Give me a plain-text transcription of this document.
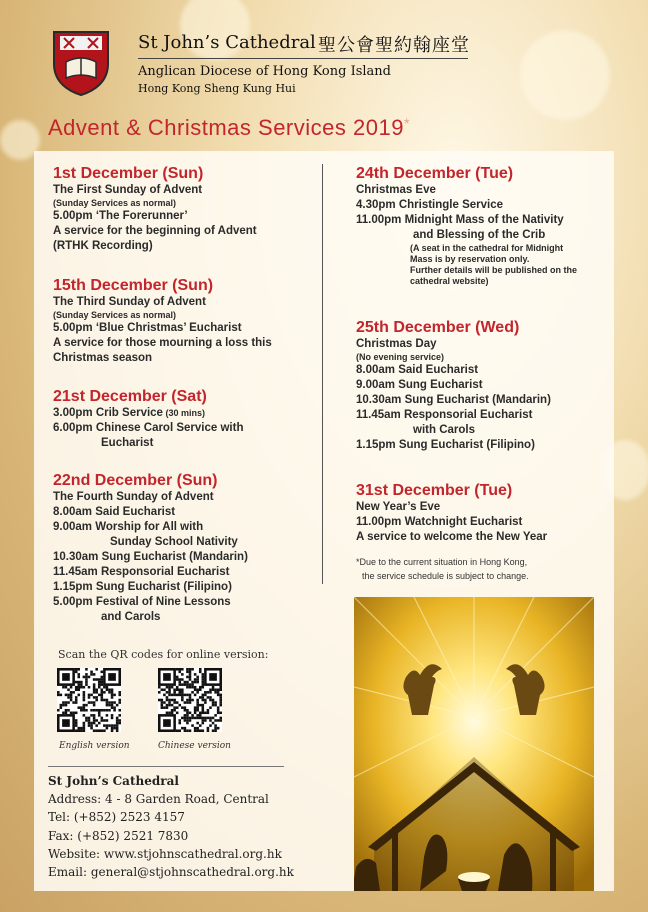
St John’s Cathedral 聖公會聖約翰座堂
Anglican Diocese of Hong Kong Island
Hong Kong Sheng Kung Hui
Advent & Christmas Services 2019*
1st December (Sun)
The First Sunday of Advent
(Sunday Services as normal)
5.00pm ‘The Forerunner’
A service for the beginning of Advent
(RTHK Recording)
15th December (Sun)
The Third Sunday of Advent
(Sunday Services as normal)
5.00pm ‘Blue Christmas’ Eucharist
A service for those mourning a loss this
Christmas season
21st December (Sat)
3.00pm Crib Service (30 mins)
6.00pm Chinese Carol Service with
Eucharist
22nd December (Sun)
The Fourth Sunday of Advent
8.00am Said Eucharist
9.00am Worship for All with
Sunday School Nativity
10.30am Sung Eucharist (Mandarin)
11.45am Responsorial Eucharist
1.15pm Sung Eucharist (Filipino)
5.00pm Festival of Nine Lessons
and Carols
24th December (Tue)
Christmas Eve
4.30pm Christingle Service
11.00pm Midnight Mass of the Nativity
and Blessing of the Crib
(A seat in the cathedral for Midnight
Mass is by reservation only.
Further details will be published on the
cathedral website)
25th December (Wed)
Christmas Day
(No evening service)
8.00am Said Eucharist
9.00am Sung Eucharist
10.30am Sung Eucharist (Mandarin)
11.45am Responsorial Eucharist
with Carols
1.15pm Sung Eucharist (Filipino)
31st December (Tue)
New Year’s Eve
11.00pm Watchnight Eucharist
A service to welcome the New Year
*Due to the current situation in Hong Kong,
the service schedule is subject to change.
Scan the QR codes for online version:
English version	Chinese version
St John’s Cathedral
Address: 4 - 8 Garden Road, Central
Tel: (+852) 2523 4157
Fax: (+852) 2521 7830
Website: www.stjohnscathedral.org.hk
Email: general@stjohnscathedral.org.hk
